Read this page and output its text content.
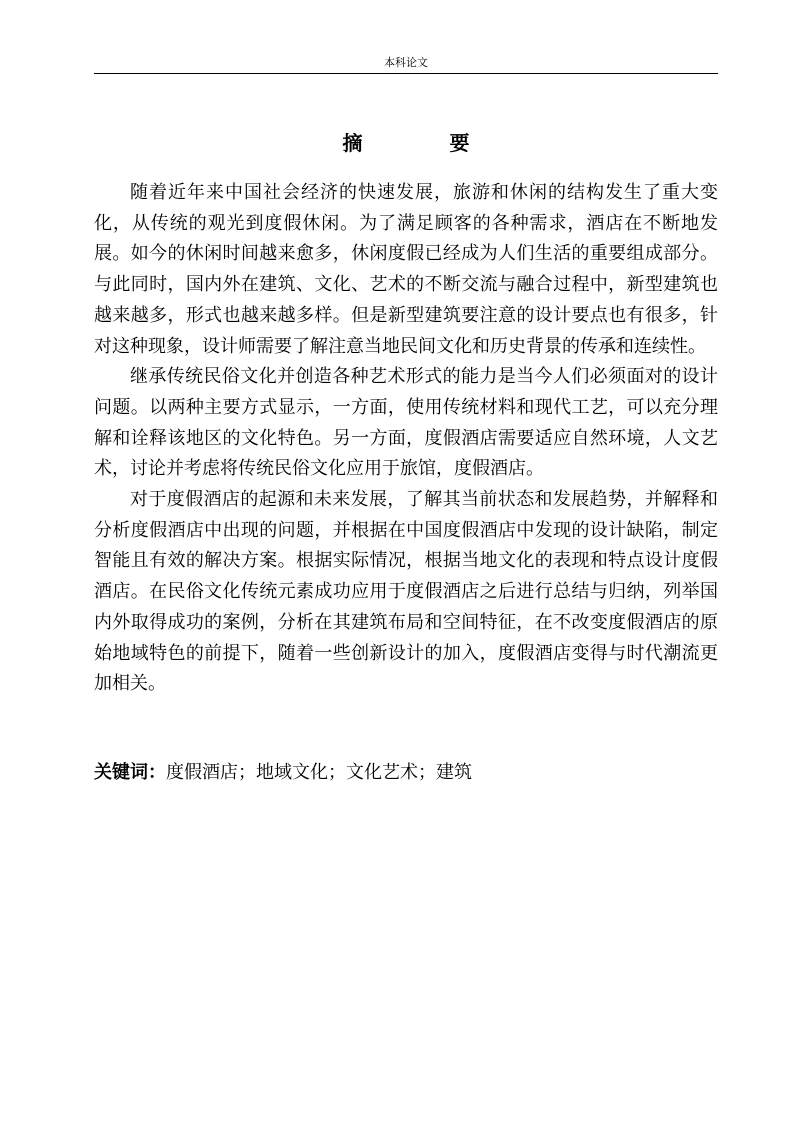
本科论文
摘 要

随着近年来中国社会经济的快速发展，旅游和休闲的结构发生了重大变化，从传统的观光到度假休闲。为了满足顾客的各种需求，酒店在不断地发展。如今的休闲时间越来愈多，休闲度假已经成为人们生活的重要组成部分。与此同时，国内外在建筑、文化、艺术的不断交流与融合过程中，新型建筑也越来越多，形式也越来越多样。但是新型建筑要注意的设计要点也有很多，针对这种现象，设计师需要了解注意当地民间文化和历史背景的传承和连续性。

继承传统民俗文化并创造各种艺术形式的能力是当今人们必须面对的设计问题。以两种主要方式显示，一方面，使用传统材料和现代工艺，可以充分理解和诠释该地区的文化特色。另一方面，度假酒店需要适应自然环境，人文艺术，讨论并考虑将传统民俗文化应用于旅馆，度假酒店。

对于度假酒店的起源和未来发展，了解其当前状态和发展趋势，并解释和分析度假酒店中出现的问题，并根据在中国度假酒店中发现的设计缺陷，制定智能且有效的解决方案。根据实际情况，根据当地文化的表现和特点设计度假酒店。在民俗文化传统元素成功应用于度假酒店之后进行总结与归纳，列举国内外取得成功的案例，分析在其建筑布局和空间特征，在不改变度假酒店的原始地域特色的前提下，随着一些创新设计的加入，度假酒店变得与时代潮流更加相关。

关键词：度假酒店；地域文化；文化艺术；建筑
